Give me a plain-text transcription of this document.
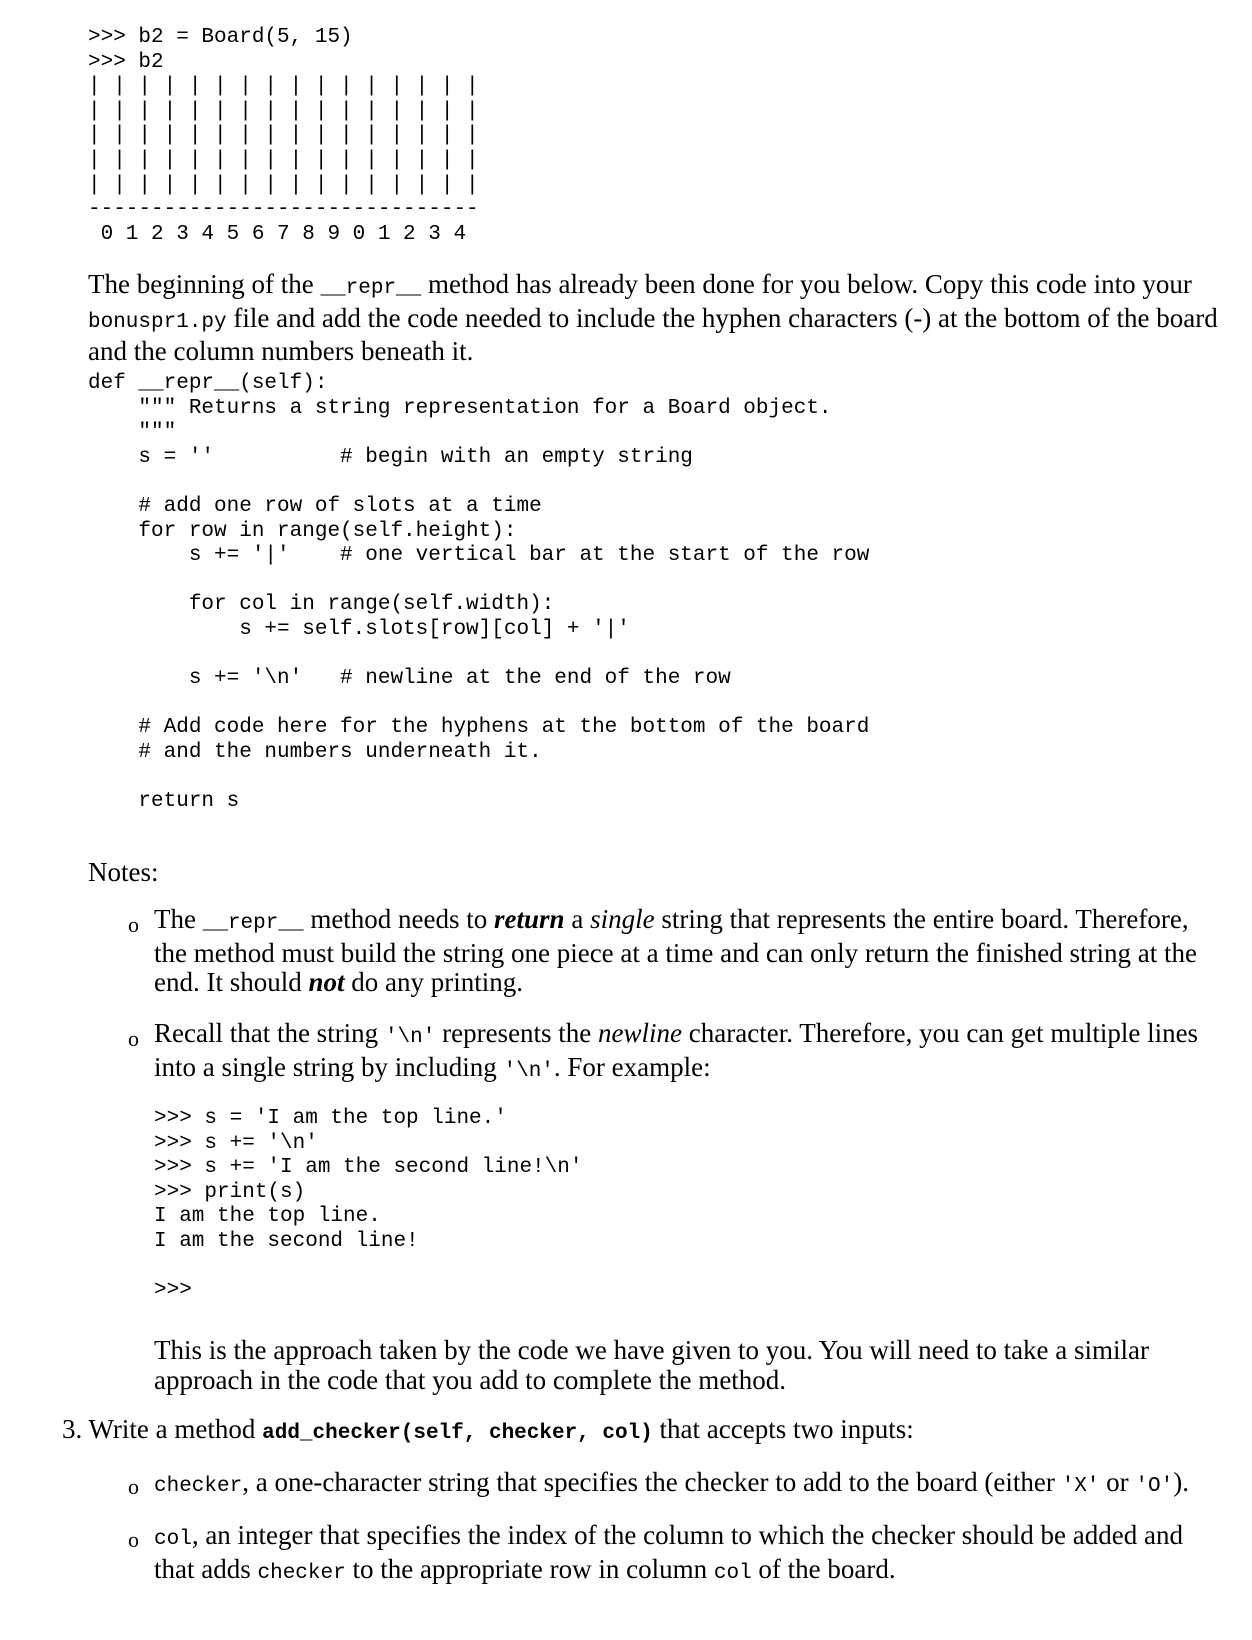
>>> b2 = Board(5, 15)
>>> b2
| | | | | | | | | | | | | | | |
| | | | | | | | | | | | | | | |
| | | | | | | | | | | | | | | |
| | | | | | | | | | | | | | | |
| | | | | | | | | | | | | | | |
-------------------------------
0 1 2 3 4 5 6 7 8 9 0 1 2 3 4
The beginning of the __repr__ method has already been done for you below. Copy this code into your bonuspr1.py file and add the code needed to include the hyphen characters (-) at the bottom of the board and the column numbers beneath it.
def __repr__(self):
""" Returns a string representation for a Board object.
"""
s = ''          # begin with an empty string

# add one row of slots at a time
for row in range(self.height):
s += '|'    # one vertical bar at the start of the row

for col in range(self.width):
s += self.slots[row][col] + '|'

s += '\n'   # newline at the end of the row

# Add code here for the hyphens at the bottom of the board
# and the numbers underneath it.

return s
Notes:
o The __repr__ method needs to return a single string that represents the entire board. Therefore, the method must build the string one piece at a time and can only return the finished string at the end. It should not do any printing.
o Recall that the string '\n' represents the newline character. Therefore, you can get multiple lines into a single string by including '\n'. For example:
>>> s = 'I am the top line.'
>>> s += '\n'
>>> s += 'I am the second line!\n'
>>> print(s)
I am the top line.
I am the second line!

>>>
This is the approach taken by the code we have given to you. You will need to take a similar approach in the code that you add to complete the method.
3. Write a method add_checker(self, checker, col) that accepts two inputs:
o checker, a one-character string that specifies the checker to add to the board (either 'X' or 'O').
o col, an integer that specifies the index of the column to which the checker should be added and that adds checker to the appropriate row in column col of the board.
